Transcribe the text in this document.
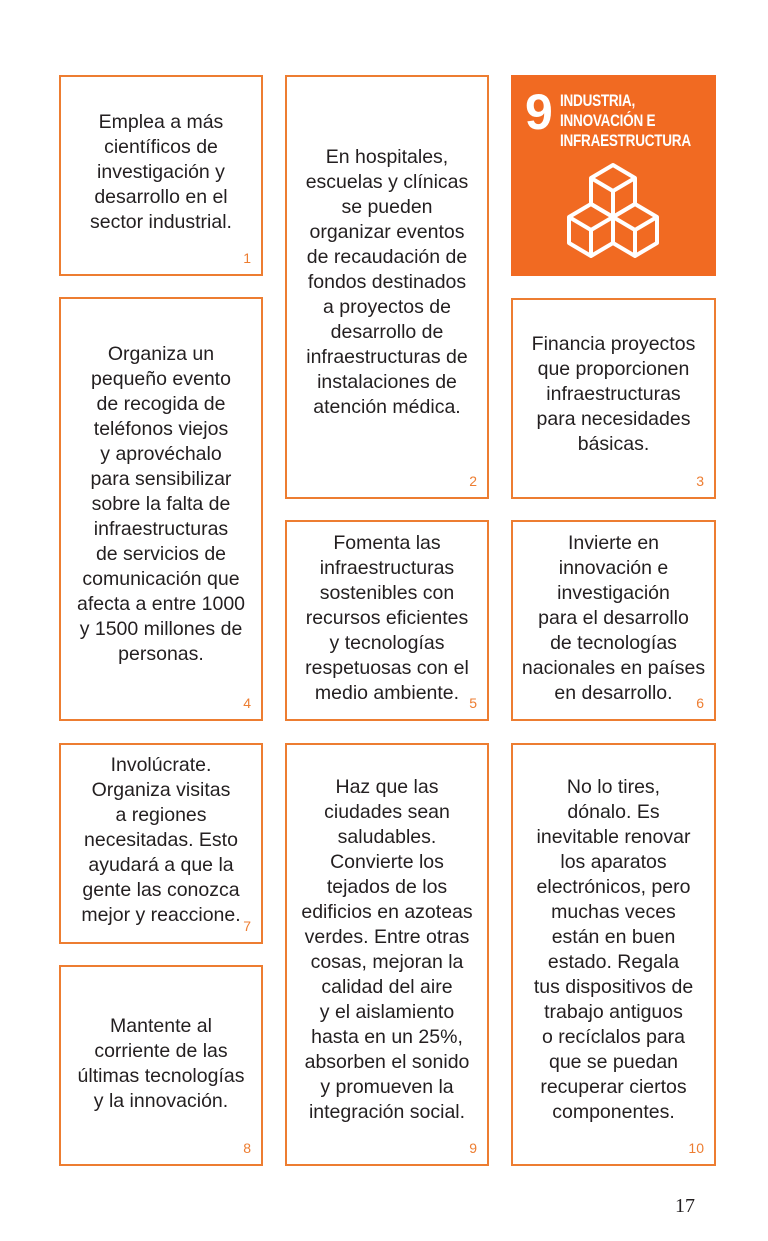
9 INDUSTRIA,
INNOVACIÓN E
INFRAESTRUCTURA
Emplea a más
científicos de
investigación y
desarrollo en el
sector industrial.
1
En hospitales,
escuelas y clínicas
se pueden
organizar eventos
de recaudación de
fondos destinados
a proyectos de
desarrollo de
infraestructuras de
instalaciones de
atención médica.
2
Financia proyectos
que proporcionen
infraestructuras
para necesidades
básicas.
3
Organiza un
pequeño evento
de recogida de
teléfonos viejos
y aprovéchalo
para sensibilizar
sobre la falta de
infraestructuras
de servicios de
comunicación que
afecta a entre 1000
y 1500 millones de
personas.
4
Fomenta las
infraestructuras
sostenibles con
recursos eficientes
y tecnologías
respetuosas con el
medio ambiente. 5
Invierte en
innovación e
investigación
para el desarrollo
de tecnologías
nacionales en países
en desarrollo.	6
Involúcrate.
Organiza visitas
a regiones
necesitadas. Esto
ayudará a que la
gente las conozca
mejor y reaccione. 7
Mantente al
corriente de las
últimas tecnologías
y la innovación.
8
Haz que las
ciudades sean
saludables.
Convierte los
tejados de los
edificios en azoteas
verdes. Entre otras
cosas, mejoran la
calidad del aire
y el aislamiento
hasta en un 25%,
absorben el sonido
y promueven la
integración social.
9
No lo tires,
dónalo. Es
inevitable renovar
los aparatos
electrónicos, pero
muchas veces
están en buen
estado. Regala
tus dispositivos de
trabajo antiguos
o recíclalos para
que se puedan
recuperar ciertos
componentes.
10
17
